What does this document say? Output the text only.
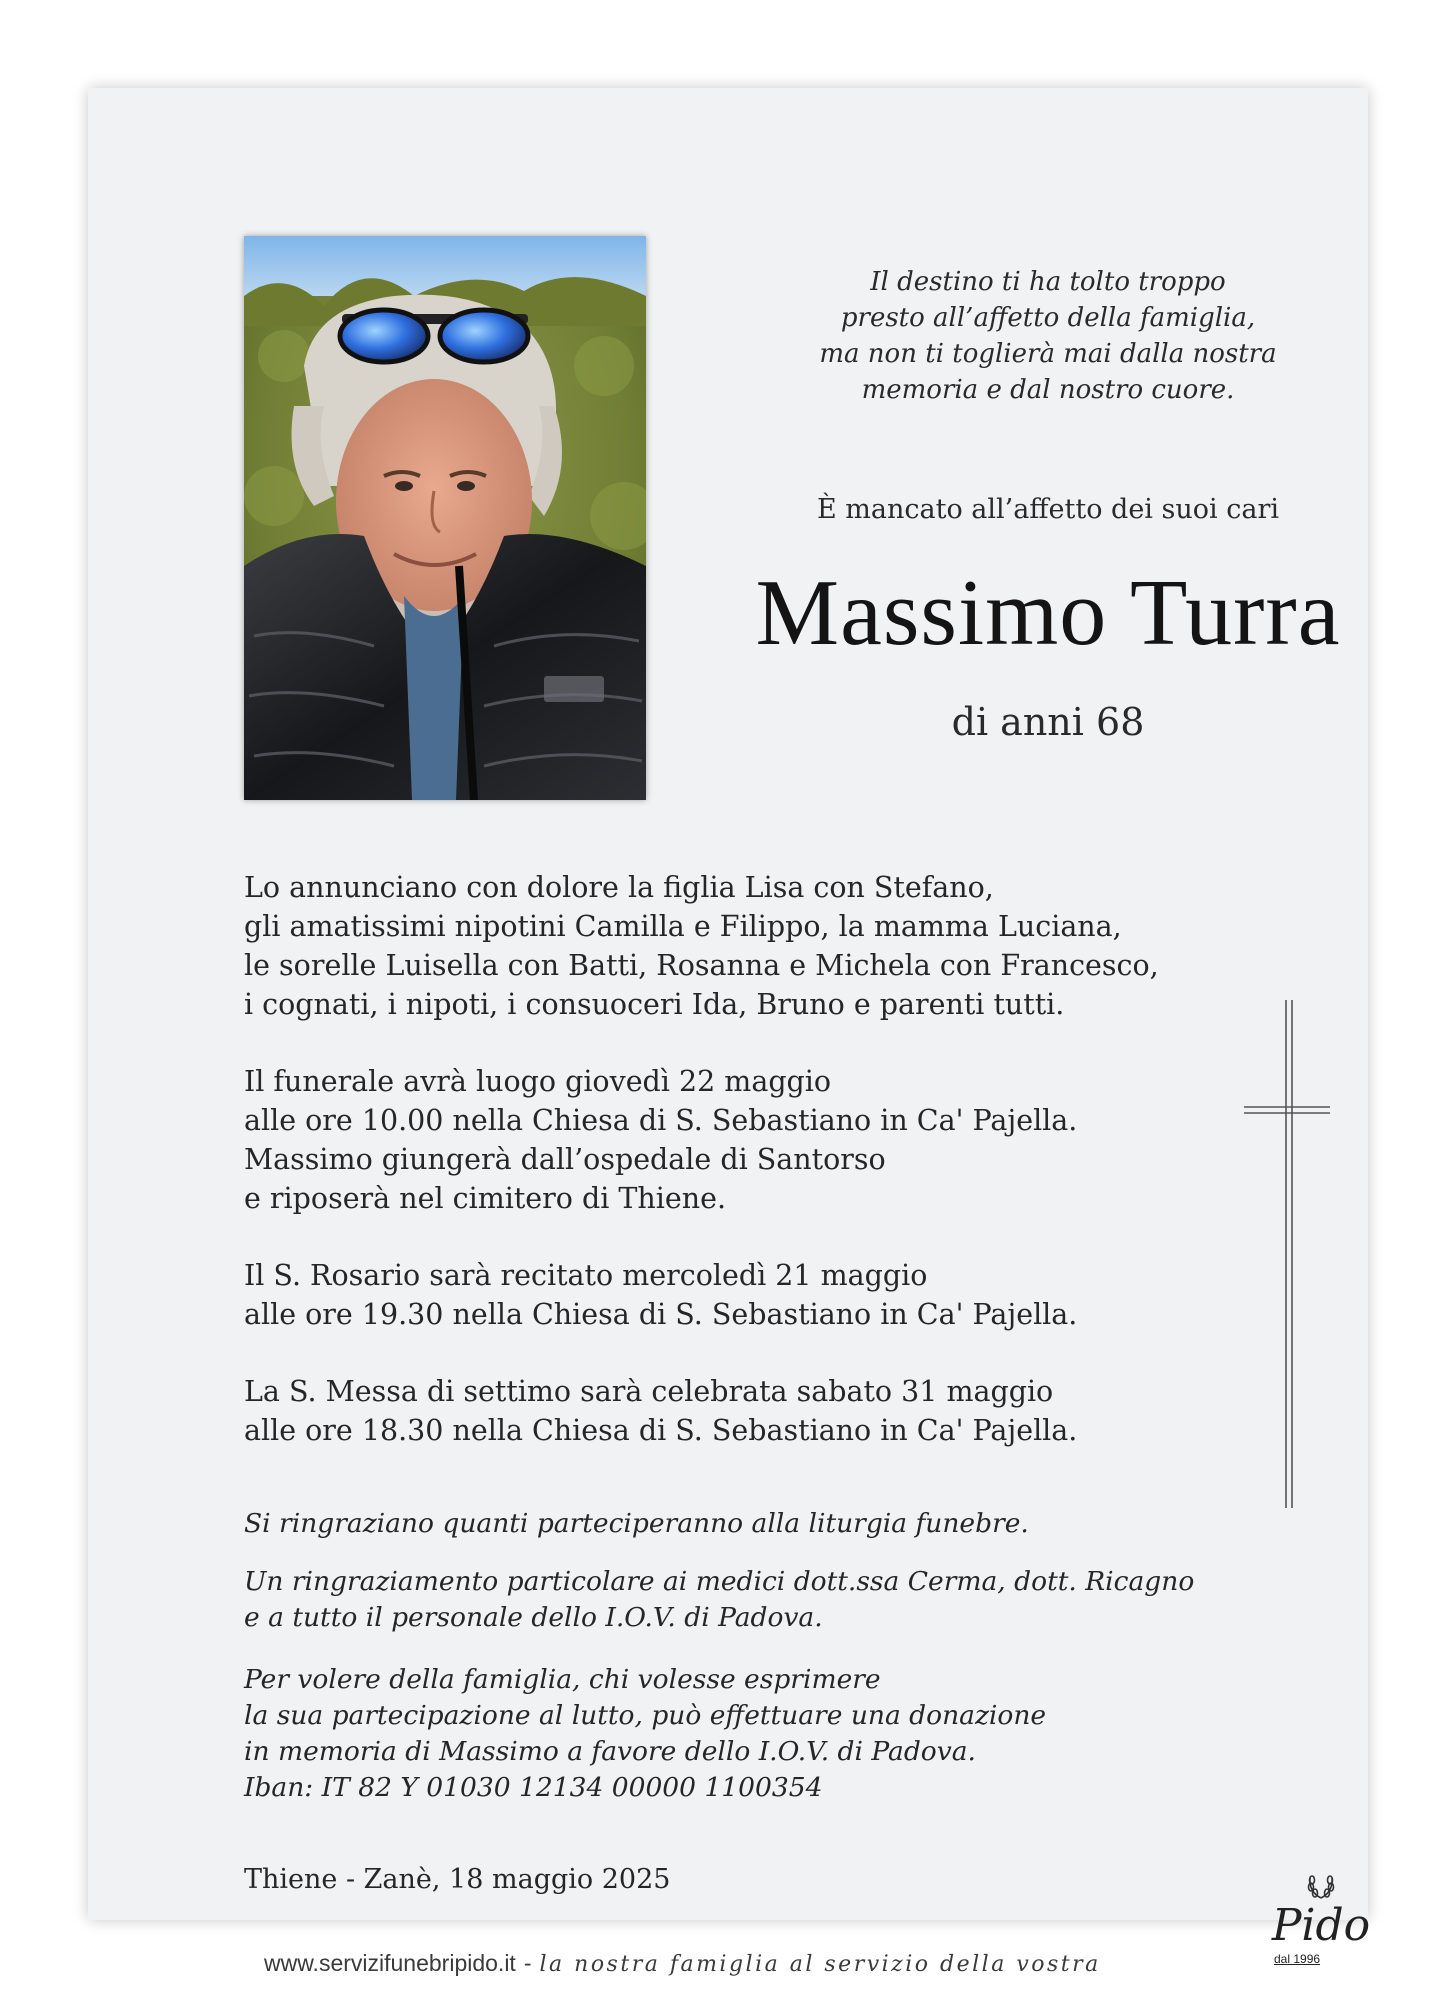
Il destino ti ha tolto troppo
presto all’affetto della famiglia,
ma non ti toglierà mai dalla nostra
memoria e dal nostro cuore.
È mancato all’affetto dei suoi cari
Massimo Turra
di anni 68
Lo annunciano con dolore la figlia Lisa con Stefano,
gli amatissimi nipotini Camilla e Filippo, la mamma Luciana,
le sorelle Luisella con Batti, Rosanna e Michela con Francesco,
i cognati, i nipoti, i consuoceri Ida, Bruno e parenti tutti.
Il funerale avrà luogo giovedì 22 maggio
alle ore 10.00 nella Chiesa di S. Sebastiano in Ca' Pajella.
Massimo giungerà dall’ospedale di Santorso
e riposerà nel cimitero di Thiene.
Il S. Rosario sarà recitato mercoledì 21 maggio
alle ore 19.30 nella Chiesa di S. Sebastiano in Ca' Pajella.
La S. Messa di settimo sarà celebrata sabato 31 maggio
alle ore 18.30 nella Chiesa di S. Sebastiano in Ca' Pajella.
Si ringraziano quanti parteciperanno alla liturgia funebre.
Un ringraziamento particolare ai medici dott.ssa Cerma, dott. Ricagno
e a tutto il personale dello I.O.V. di Padova.
Per volere della famiglia, chi volesse esprimere
la sua partecipazione al lutto, può effettuare una donazione
in memoria di Massimo a favore dello I.O.V. di Padova.
Iban: IT 82 Y 01030 12134 00000 1100354
Thiene - Zanè, 18 maggio 2025
www.servizifunebripido.it - la nostra famiglia al servizio della vostra
Pido
dal 1996
